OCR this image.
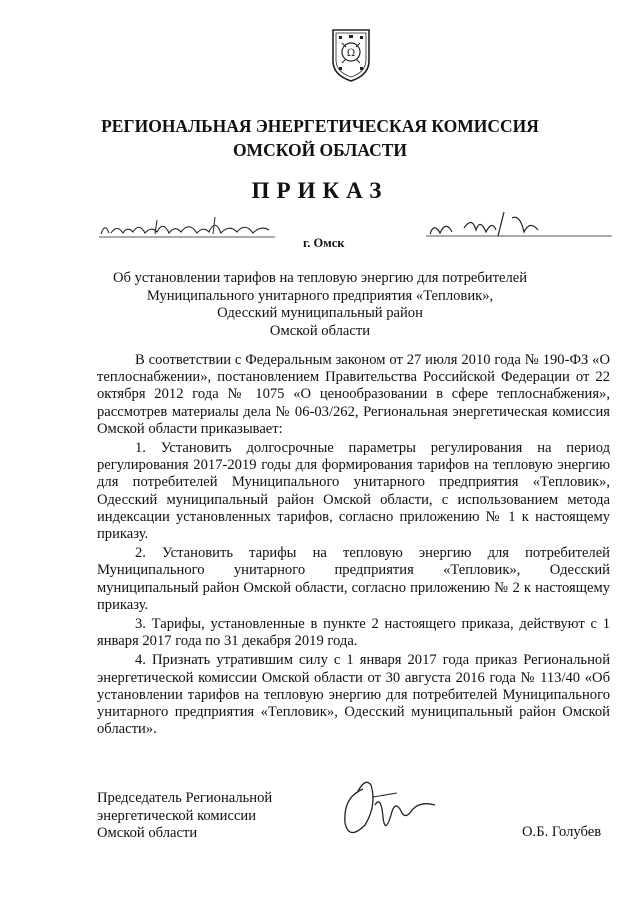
Ω
РЕГИОНАЛЬНАЯ ЭНЕРГЕТИЧЕСКАЯ КОМИССИЯ
ОМСКОЙ ОБЛАСТИ
ПРИКАЗ
г. Омск
Об установлении тарифов на тепловую энергию для потребителей
Муниципального унитарного предприятия «Тепловик»,
Одесский муниципальный район
Омской области

В соответствии с Федеральным законом от 27 июля 2010 года № 190-ФЗ «О теплоснабжении», постановлением Правительства Российской Федерации от 22 октября 2012 года № 1075 «О ценообразовании в сфере теплоснабжения», рассмотрев материалы дела № 06-03/262, Региональная энергетическая комиссия Омской области приказывает:

1. Установить долгосрочные параметры регулирования на период регулирования 2017-2019 годы для формирования тарифов на тепловую энергию для потребителей Муниципального унитарного предприятия «Тепловик», Одесский муниципальный район Омской области, с использованием метода индексации установленных тарифов, согласно приложению № 1 к настоящему приказу.

2. Установить тарифы на тепловую энергию для потребителей Муниципального унитарного предприятия «Тепловик», Одесский муниципальный район Омской области, согласно приложению № 2 к настоящему приказу.

3. Тарифы, установленные в пункте 2 настоящего приказа, действуют с 1 января 2017 года по 31 декабря 2019 года.

4. Признать утратившим силу с 1 января 2017 года приказ Региональной энергетической комиссии Омской области от 30 августа 2016 года № 113/40 «Об установлении тарифов на тепловую энергию для потребителей Муниципального унитарного предприятия «Тепловик», Одесский муниципальный район Омской области».

Председатель Региональной
энергетической комиссии
Омской области	О.Б. Голубев
